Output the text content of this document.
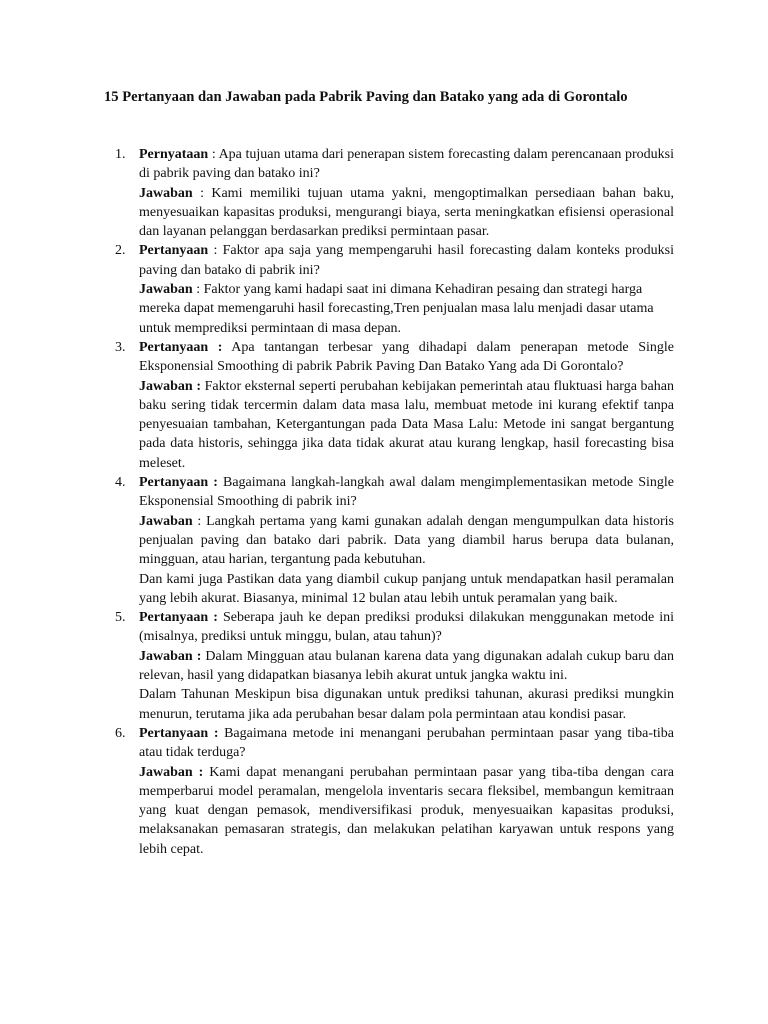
15 Pertanyaan dan Jawaban pada Pabrik Paving dan Batako yang ada di Gorontalo
1. Pernyataan : Apa tujuan utama dari penerapan sistem forecasting dalam perencanaan produksi di pabrik paving dan batako ini?

Jawaban : Kami memiliki tujuan utama yakni, mengoptimalkan persediaan bahan baku, menyesuaikan kapasitas produksi, mengurangi biaya, serta meningkatkan efisiensi operasional dan layanan pelanggan berdasarkan prediksi permintaan pasar.

2. Pertanyaan : Faktor apa saja yang mempengaruhi hasil forecasting dalam konteks produksi paving dan batako di pabrik ini?

Jawaban : Faktor yang kami hadapi saat ini dimana Kehadiran pesaing dan strategi harga mereka dapat memengaruhi hasil forecasting,Tren penjualan masa lalu menjadi dasar utama untuk memprediksi permintaan di masa depan.

3. Pertanyaan : Apa tantangan terbesar yang dihadapi dalam penerapan metode Single Eksponensial Smoothing di pabrik Pabrik Paving Dan Batako Yang ada Di Gorontalo?

Jawaban : Faktor eksternal seperti perubahan kebijakan pemerintah atau fluktuasi harga bahan baku sering tidak tercermin dalam data masa lalu, membuat metode ini kurang efektif tanpa penyesuaian tambahan, Ketergantungan pada Data Masa Lalu: Metode ini sangat bergantung pada data historis, sehingga jika data tidak akurat atau kurang lengkap, hasil forecasting bisa meleset.

4. Pertanyaan : Bagaimana langkah-langkah awal dalam mengimplementasikan metode Single Eksponensial Smoothing di pabrik ini?

Jawaban : Langkah pertama yang kami gunakan adalah dengan mengumpulkan data historis penjualan paving dan batako dari pabrik. Data yang diambil harus berupa data bulanan, mingguan, atau harian, tergantung pada kebutuhan.

Dan kami juga Pastikan data yang diambil cukup panjang untuk mendapatkan hasil peramalan yang lebih akurat. Biasanya, minimal 12 bulan atau lebih untuk peramalan yang baik.

5. Pertanyaan : Seberapa jauh ke depan prediksi produksi dilakukan menggunakan metode ini (misalnya, prediksi untuk minggu, bulan, atau tahun)?

Jawaban : Dalam Mingguan atau bulanan karena data yang digunakan adalah cukup baru dan relevan, hasil yang didapatkan biasanya lebih akurat untuk jangka waktu ini.

Dalam Tahunan Meskipun bisa digunakan untuk prediksi tahunan, akurasi prediksi mungkin menurun, terutama jika ada perubahan besar dalam pola permintaan atau kondisi pasar.

6. Pertanyaan : Bagaimana metode ini menangani perubahan permintaan pasar yang tiba-tiba atau tidak terduga?

Jawaban : Kami dapat menangani perubahan permintaan pasar yang tiba-tiba dengan cara memperbarui model peramalan, mengelola inventaris secara fleksibel, membangun kemitraan yang kuat dengan pemasok, mendiversifikasi produk, menyesuaikan kapasitas produksi, melaksanakan pemasaran strategis, dan melakukan pelatihan karyawan untuk respons yang lebih cepat.
